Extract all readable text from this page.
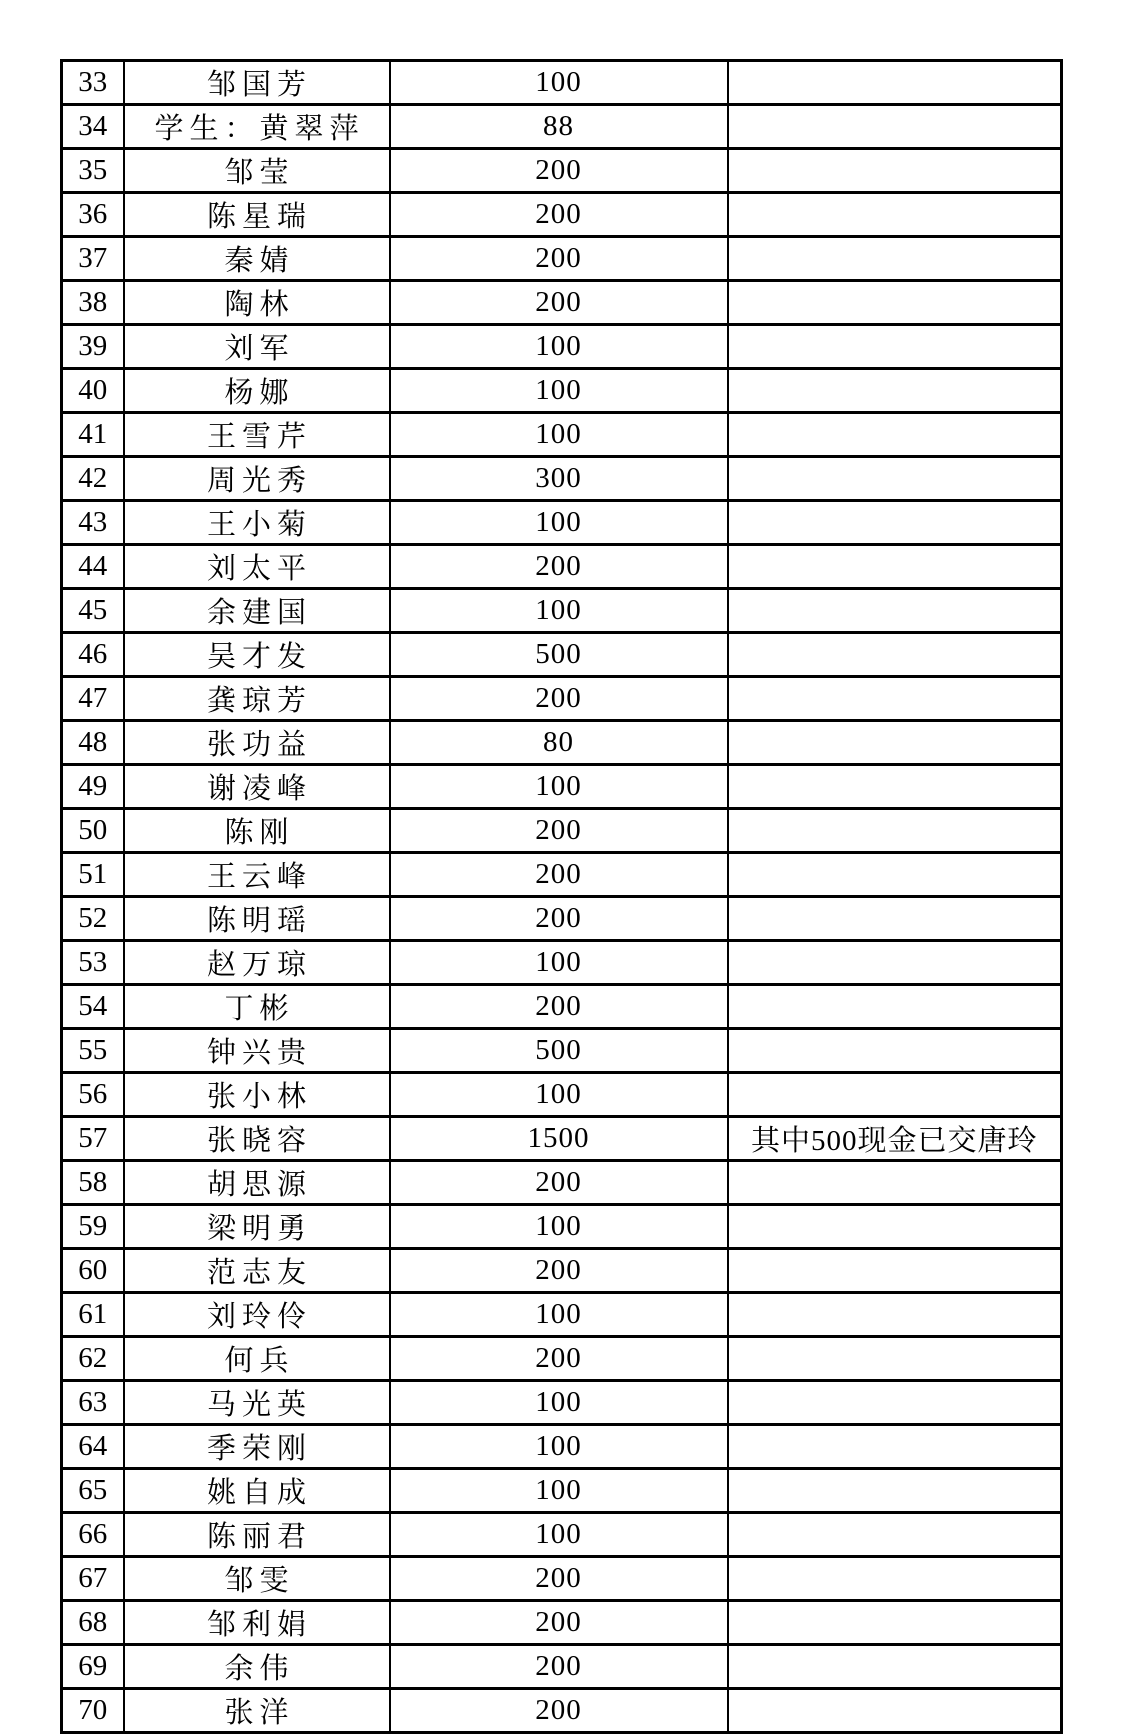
33	邹国芳	100	
34	学生：黄翠萍	88	
35	邹莹	200	
36	陈星瑞	200	
37	秦婧	200	
38	陶林	200	
39	刘军	100	
40	杨娜	100	
41	王雪芹	100	
42	周光秀	300	
43	王小菊	100	
44	刘太平	200	
45	余建国	100	
46	吴才发	500	
47	龚琼芳	200	
48	张功益	80	
49	谢凌峰	100	
50	陈刚	200	
51	王云峰	200	
52	陈明瑶	200	
53	赵万琼	100	
54	丁彬	200	
55	钟兴贵	500	
56	张小林	100	
57	张晓容	1500	其中500现金已交唐玲
58	胡思源	200	
59	梁明勇	100	
60	范志友	200	
61	刘玲伶	100	
62	何兵	200	
63	马光英	100	
64	季荣刚	100	
65	姚自成	100	
66	陈丽君	100	
67	邹雯	200	
68	邹利娟	200	
69	余伟	200	
70	张洋	200	
